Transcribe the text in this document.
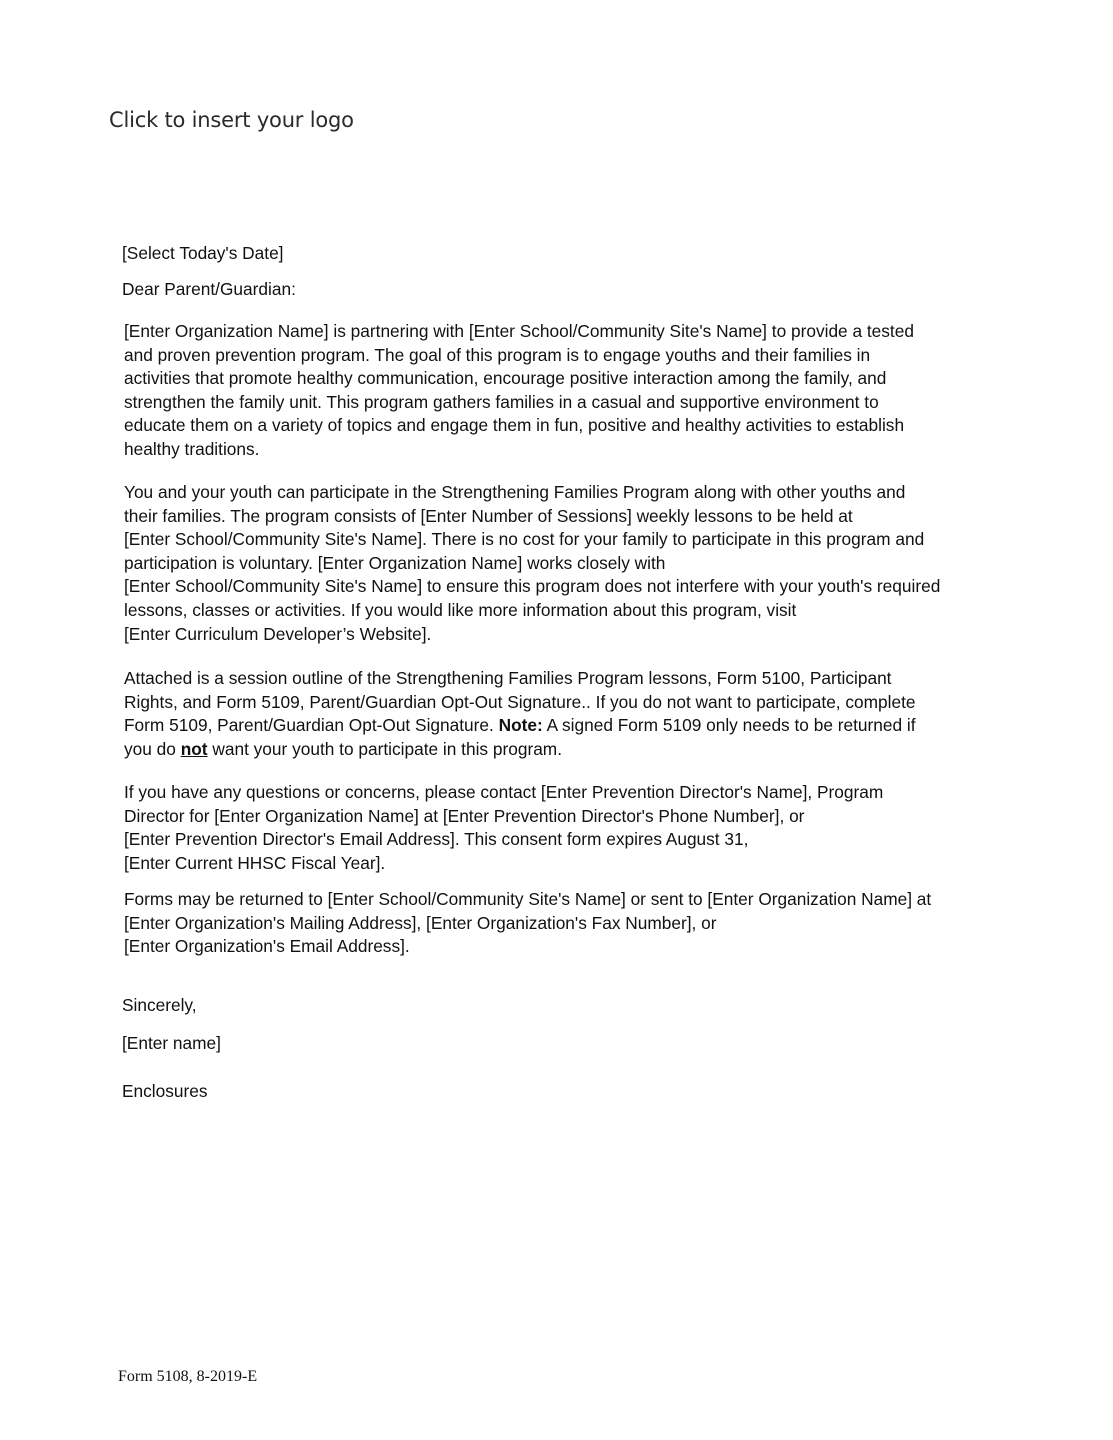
Click to insert your logo
[Select Today's Date]
Dear Parent/Guardian:
[Enter Organization Name] is partnering with [Enter School/Community Site's Name] to provide a tested
and proven prevention program. The goal of this program is to engage youths and their families in
activities that promote healthy communication, encourage positive interaction among the family, and
strengthen the family unit. This program gathers families in a casual and supportive environment to
educate them on a variety of topics and engage them in fun, positive and healthy activities to establish
healthy traditions.
You and your youth can participate in the Strengthening Families Program along with other youths and
their families. The program consists of [Enter Number of Sessions] weekly lessons to be held at
[Enter School/Community Site's Name]. There is no cost for your family to participate in this program and
participation is voluntary. [Enter Organization Name] works closely with
[Enter School/Community Site's Name] to ensure this program does not interfere with your youth's required
lessons, classes or activities. If you would like more information about this program, visit
[Enter Curriculum Developer’s Website].
Attached is a session outline of the Strengthening Families Program lessons, Form 5100, Participant
Rights, and Form 5109, Parent/Guardian Opt-Out Signature.. If you do not want to participate, complete
Form 5109, Parent/Guardian Opt-Out Signature. Note: A signed Form 5109 only needs to be returned if
you do not want your youth to participate in this program.
If you have any questions or concerns, please contact [Enter Prevention Director's Name], Program
Director for [Enter Organization Name] at [Enter Prevention Director's Phone Number], or
[Enter Prevention Director's Email Address]. This consent form expires August 31,
[Enter Current HHSC Fiscal Year].
Forms may be returned to [Enter School/Community Site's Name] or sent to [Enter Organization Name] at
[Enter Organization's Mailing Address], [Enter Organization's Fax Number], or
[Enter Organization's Email Address].
Sincerely,
[Enter name]
Enclosures
Form 5108, 8-2019-E
